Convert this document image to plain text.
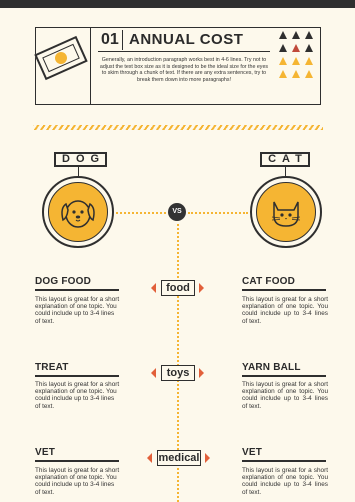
01 ANNUAL COST
Generally, an introduction paragraph works best in 4-6 lines. Try not to adjust the text box size as it is designed to be the ideal size for the eyes to skim through a chunk of text. If there are any extra sentences, try to break them down into more paragraphs!
DOG	CAT
VS
DOG FOOD
This layout is great for a short explanation of one topic. You could include up to 3-4 lines of text.
CAT FOOD
This layout is great for a short explanation of one topic. You could include up to 3-4 lines of text.
food
TREAT
This layout is great for a short explanation of one topic. You could include up to 3-4 lines of text.
YARN BALL
This layout is great for a short explanation of one topic. You could include up to 3-4 lines of text.
toys
VET
This layout is great for a short explanation of one topic. You could include up to 3-4 lines of text.
VET
This layout is great for a short explanation of one topic. You could include up to 3-4 lines of text.
medical
